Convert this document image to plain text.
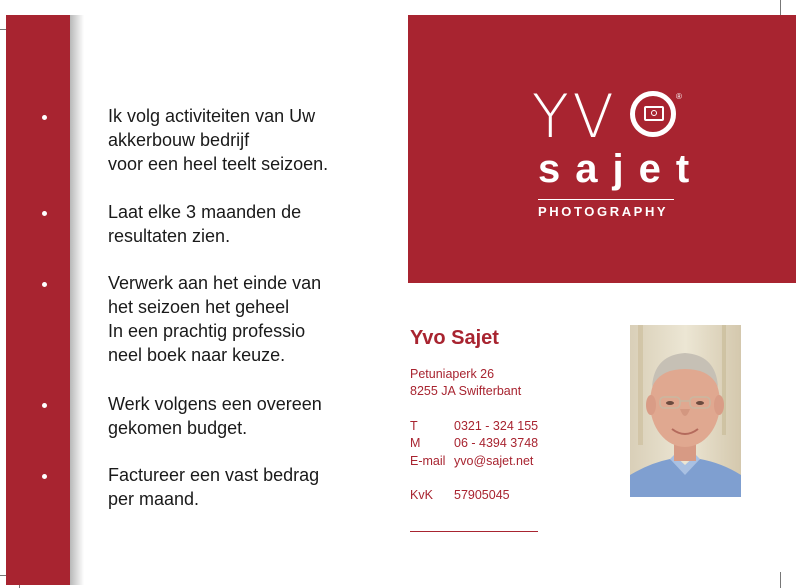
Ik volg activiteiten van Uw
akkerbouw bedrijf
voor een heel teelt seizoen.
Laat elke 3 maanden de
resultaten zien.
Verwerk aan het einde van
het seizoen het geheel
In een prachtig professio
neel boek naar keuze.
Werk volgens een overeen
gekomen budget.
Factureer een vast bedrag
per maand.
YV	®
sajet
PHOTOGRAPHY
Yvo Sajet
Petuniaperk 26
8255 JA Swifterbant
T	0321 - 324 155
M	06 - 4394 3748
E-mail yvo@sajet.net
KvK 57905045
